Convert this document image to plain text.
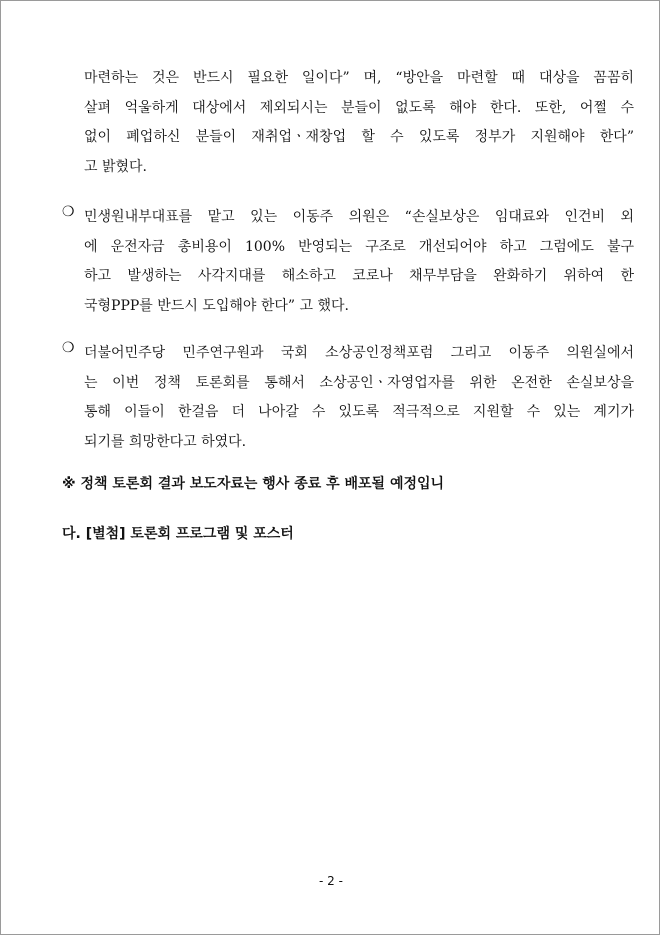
마련하는 것은 반드시 필요한 일이다” 며, “방안을 마련할 때 대상을 꼼꼼히
살펴 억울하게 대상에서 제외되시는 분들이 없도록 해야 한다. 또한, 어쩔 수
없이 폐업하신 분들이 재취업ㆍ재창업 할 수 있도록 정부가 지원해야 한다”
고 밝혔다.
❍ 민생원내부대표를 맡고 있는 이동주 의원은 “손실보상은 임대료와 인건비 외
에 운전자금 총비용이 100% 반영되는 구조로 개선되어야 하고 그럼에도 불구
하고 발생하는 사각지대를 해소하고 코로나 채무부담을 완화하기 위하여 한
국형PPP를 반드시 도입해야 한다” 고 했다.
❍ 더불어민주당 민주연구원과 국회 소상공인정책포럼 그리고 이동주 의원실에서
는 이번 정책 토론회를 통해서 소상공인ㆍ자영업자를 위한 온전한 손실보상을
통해 이들이 한걸음 더 나아갈 수 있도록 적극적으로 지원할 수 있는 계기가
되기를 희망한다고 하였다.
※ 정책 토론회 결과 보도자료는 행사 종료 후 배포될 예정입니
다. [별첨] 토론회 프로그램 및 포스터
- 2 -
